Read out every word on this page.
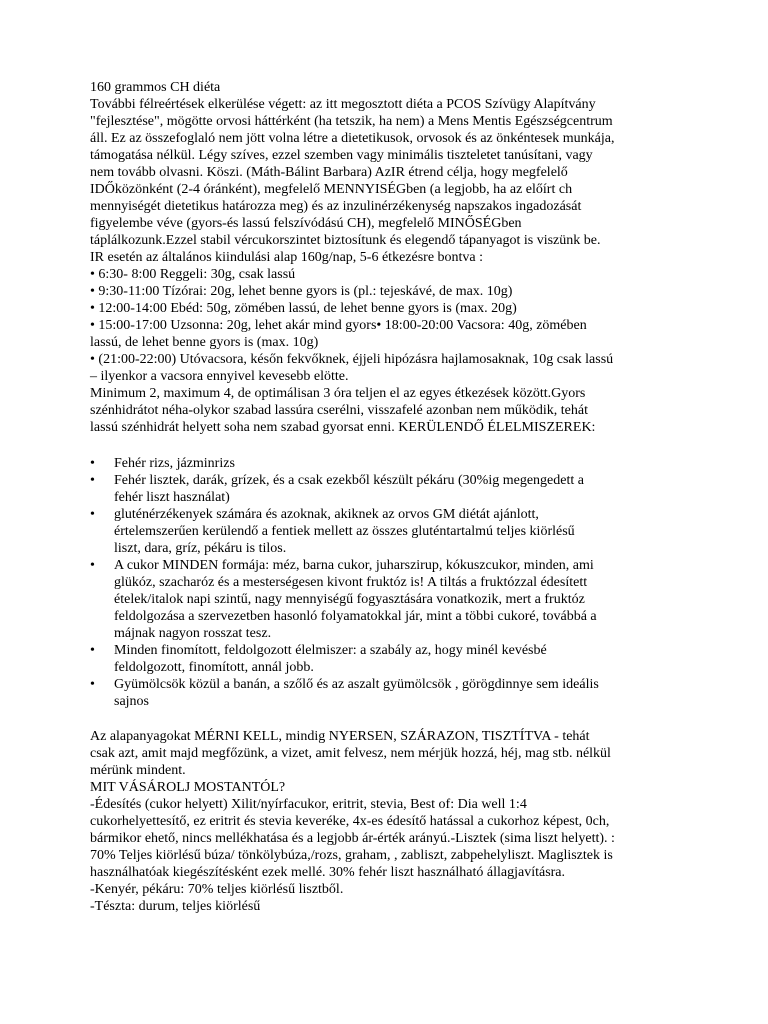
160 grammos CH diéta

További félreértések elkerülése végett: az itt megosztott diéta a PCOS Szívügy Alapítvány

"fejlesztése", mögötte orvosi háttérként (ha tetszik, ha nem) a Mens Mentis Egészségcentrum

áll. Ez az összefoglaló nem jött volna létre a dietetikusok, orvosok és az önkéntesek munkája,

támogatása nélkül. Légy szíves, ezzel szemben vagy minimális tiszteletet tanúsítani, vagy

nem tovább olvasni. Köszi. (Máth-Bálint Barbara) AzIR étrend célja, hogy megfelelő

IDŐközönként (2-4 óránként), megfelelő MENNYISÉGben (a legjobb, ha az előírt ch

mennyiségét dietetikus határozza meg) és az inzulinérzékenység napszakos ingadozását

figyelembe véve (gyors-és lassú felszívódású CH), megfelelő MINŐSÉGben

táplálkozunk.Ezzel stabil vércukorszintet biztosítunk és elegendő tápanyagot is viszünk be.

IR esetén az általános kiindulási alap 160g/nap, 5-6 étkezésre bontva :

• 6:30- 8:00 Reggeli: 30g, csak lassú

• 9:30-11:00 Tízórai: 20g, lehet benne gyors is (pl.: tejeskávé, de max. 10g)

• 12:00-14:00 Ebéd: 50g, zömében lassú, de lehet benne gyors is (max. 20g)

• 15:00-17:00 Uzsonna: 20g, lehet akár mind gyors• 18:00-20:00 Vacsora: 40g, zömében

lassú, de lehet benne gyors is (max. 10g)

• (21:00-22:00) Utóvacsora, későn fekvőknek, éjjeli hipózásra hajlamosaknak, 10g csak lassú

– ilyenkor a vacsora ennyivel kevesebb elötte.

Minimum 2, maximum 4, de optimálisan 3 óra teljen el az egyes étkezések között.Gyors

szénhidrátot néha-olykor szabad lassúra cserélni, visszafelé azonban nem működik, tehát

lassú szénhidrát helyett soha nem szabad gyorsat enni. KERÜLENDŐ ÉLELMISZEREK:

• Fehér rizs, jázminrizs
• Fehér lisztek, darák, grízek, és a csak ezekből készült pékáru (30%ig megengedett a
fehér liszt használat)
• gluténérzékenyek számára és azoknak, akiknek az orvos GM diétát ajánlott,
értelemszerűen kerülendő a fentiek mellett az összes gluténtartalmú teljes kiörlésű
liszt, dara, gríz, pékáru is tilos.
• A cukor MINDEN formája: méz, barna cukor, juharszirup, kókuszcukor, minden, ami
glükóz, szacharóz és a mesterségesen kivont fruktóz is! A tiltás a fruktózzal édesített
ételek/italok napi szintű, nagy mennyiségű fogyasztására vonatkozik, mert a fruktóz
feldolgozása a szervezetben hasonló folyamatokkal jár, mint a többi cukoré, továbbá a
májnak nagyon rosszat tesz.
• Minden finomított, feldolgozott élelmiszer: a szabály az, hogy minél kevésbé
feldolgozott, finomított, annál jobb.
• Gyümölcsök közül a banán, a szőlő és az aszalt gyümölcsök , görögdinnye sem ideális
sajnos

Az alapanyagokat MÉRNI KELL, mindig NYERSEN, SZÁRAZON, TISZTÍTVA - tehát

csak azt, amit majd megfőzünk, a vizet, amit felvesz, nem mérjük hozzá, héj, mag stb. nélkül

mérünk mindent.

MIT VÁSÁROLJ MOSTANTÓL?

-Édesítés (cukor helyett) Xilit/nyírfacukor, eritrit, stevia, Best of: Dia well 1:4

cukorhelyettesítő, ez eritrit és stevia keveréke, 4x-es édesítő hatással a cukorhoz képest, 0ch,

bármikor ehető, nincs mellékhatása és a legjobb ár-érték arányú.-Lisztek (sima liszt helyett). :

70% Teljes kiörlésű búza/ tönkölybúza,/rozs, graham, , zabliszt, zabpehelyliszt. Maglisztek is

használhatóak kiegészítésként ezek mellé. 30% fehér liszt használható állagjavításra.

-Kenyér, pékáru: 70% teljes kiörlésű lisztből.

-Tészta: durum, teljes kiörlésű
